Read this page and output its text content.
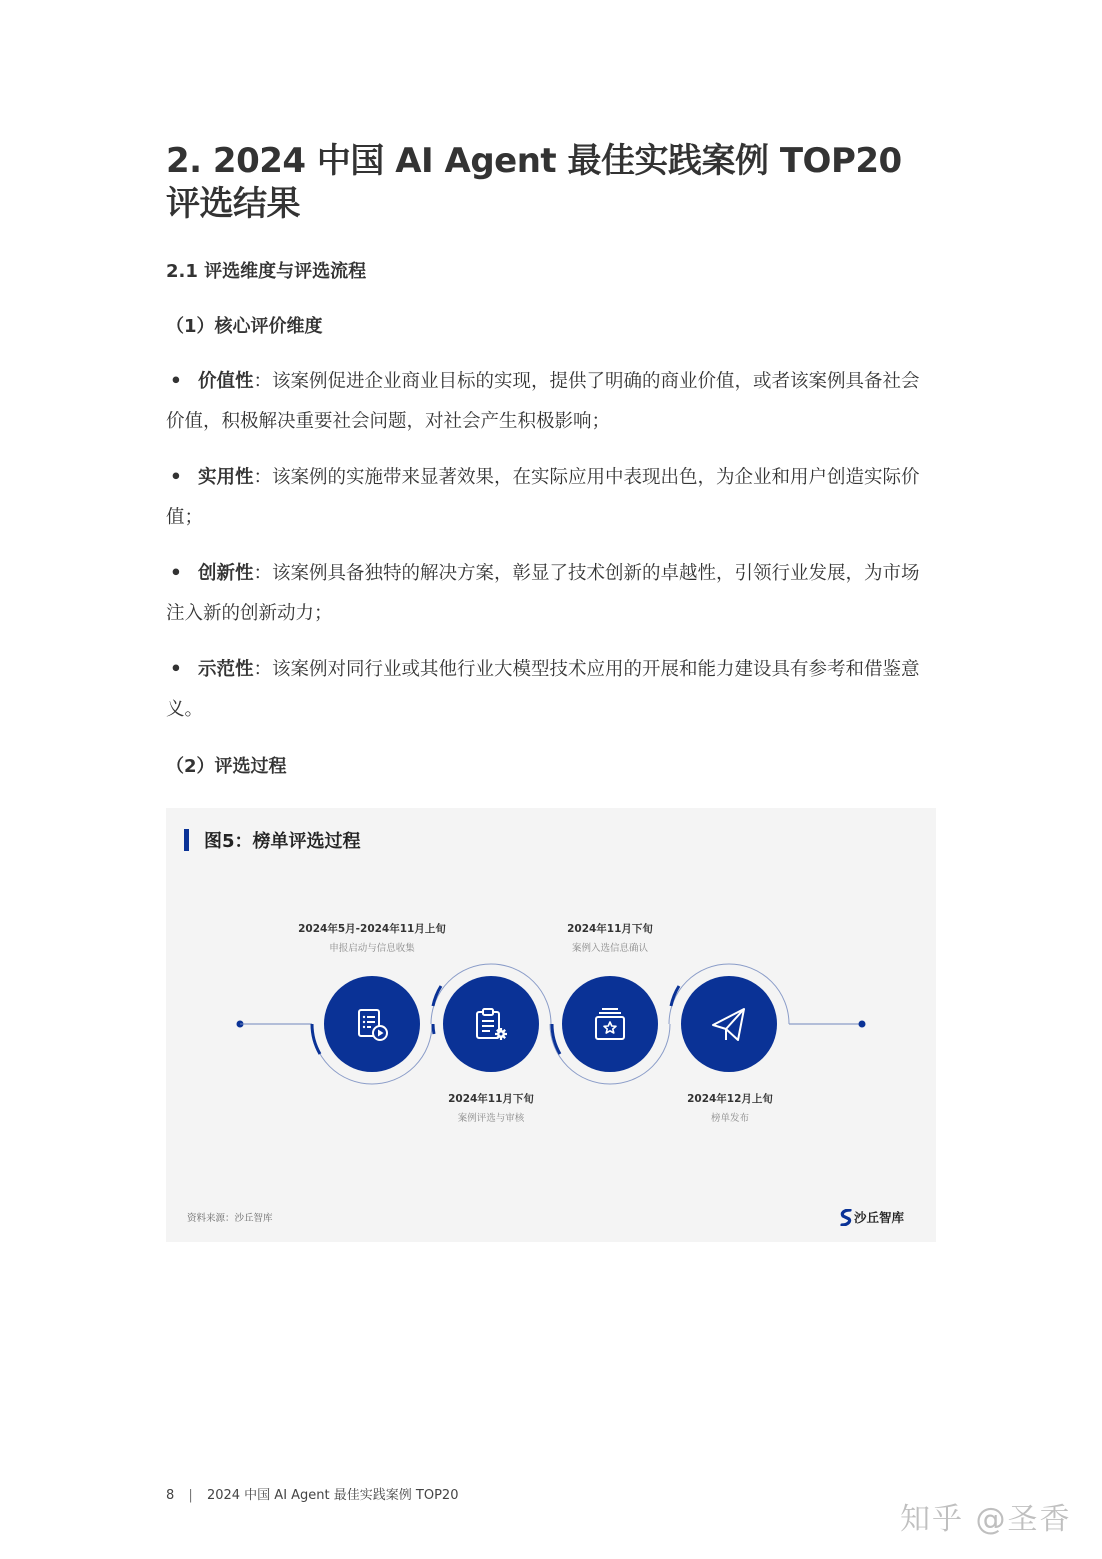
2. 2024 中国 AI Agent 最佳实践案例 TOP20 评选结果
2.1 评选维度与评选流程
（1）核心评价维度
• 价值性：该案例促进企业商业目标的实现，提供了明确的商业价值，或者该案例具备社会价值，积极解决重要社会问题，对社会产生积极影响；
• 实用性：该案例的实施带来显著效果，在实际应用中表现出色，为企业和用户创造实际价值；
• 创新性：该案例具备独特的解决方案，彰显了技术创新的卓越性，引领行业发展，为市场注入新的创新动力；
• 示范性：该案例对同行业或其他行业大模型技术应用的开展和能力建设具有参考和借鉴意义。
（2）评选过程
图5：榜单评选过程
2024年5月-2024年11月上旬
申报启动与信息收集
2024年11月下旬
案例评选与审核
2024年11月下旬
案例入选信息确认
2024年12月上旬
榜单发布
资料来源：沙丘智库	沙丘智库
8 | 2024 中国 AI Agent 最佳实践案例 TOP20
知乎 @圣香
